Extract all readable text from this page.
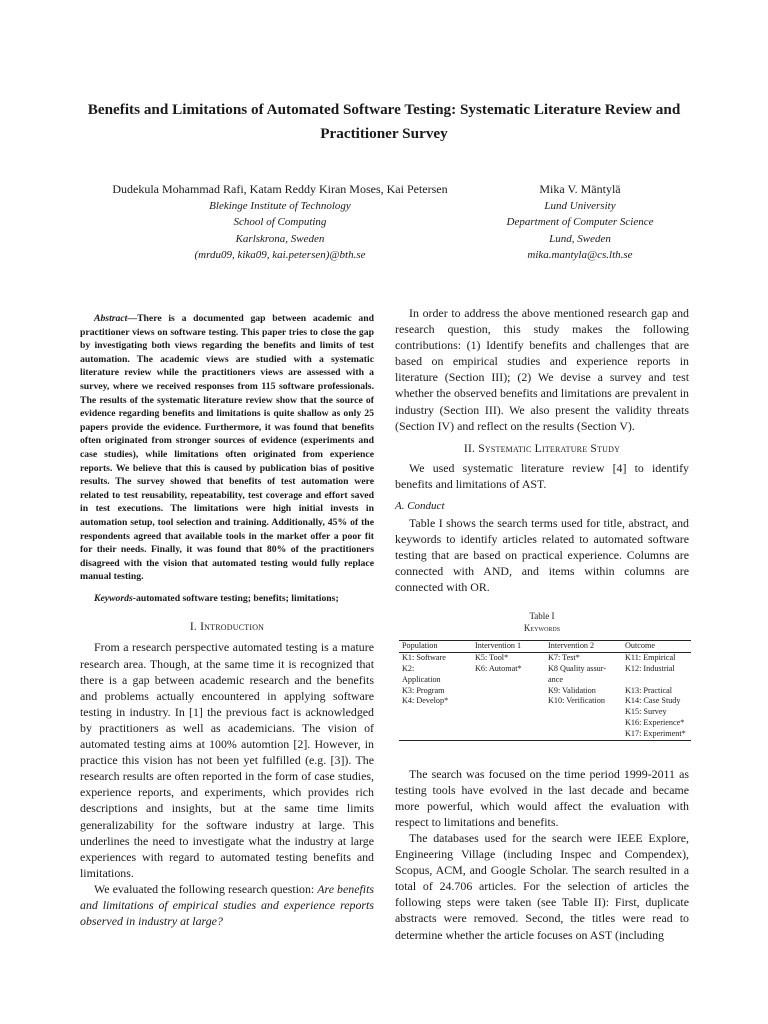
Benefits and Limitations of Automated Software Testing: Systematic Literature Review and Practitioner Survey
Dudekula Mohammad Rafi, Katam Reddy Kiran Moses, Kai Petersen
Blekinge Institute of Technology
School of Computing
Karlskrona, Sweden
(mrdu09, kika09, kai.petersen)@bth.se
Mika V. Mäntylä
Lund University
Department of Computer Science
Lund, Sweden
mika.mantyla@cs.lth.se

Abstract—There is a documented gap between academic and practitioner views on software testing. This paper tries to close the gap by investigating both views regarding the benefits and limits of test automation. The academic views are studied with a systematic literature review while the practitioners views are assessed with a survey, where we received responses from 115 software professionals. The results of the systematic literature review show that the source of evidence regarding benefits and limitations is quite shallow as only 25 papers provide the evidence. Furthermore, it was found that benefits often originated from stronger sources of evidence (experiments and case studies), while limitations often originated from experience reports. We believe that this is caused by publication bias of positive results. The survey showed that benefits of test automation were related to test reusability, repeatability, test coverage and effort saved in test executions. The limitations were high initial invests in automation setup, tool selection and training. Additionally, 45% of the respondents agreed that available tools in the market offer a poor fit for their needs. Finally, it was found that 80% of the practitioners disagreed with the vision that automated testing would fully replace manual testing.

Keywords-automated software testing; benefits; limitations;

I. Introduction

From a research perspective automated testing is a mature research area. Though, at the same time it is recognized that there is a gap between academic research and the benefits and problems actually encountered in applying software testing in industry. In [1] the previous fact is acknowledged by practitioners as well as academicians. The vision of automated testing aims at 100% automtion [2]. However, in practice this vision has not been yet fulfilled (e.g. [3]). The research results are often reported in the form of case studies, experience reports, and experiments, which provides rich descriptions and insights, but at the same time limits generalizability for the software industry at large. This underlines the need to investigate what the industry at large experiences with regard to automated testing benefits and limitations.

We evaluated the following research question: Are benefits and limitations of empirical studies and experience reports observed in industry at large?

In order to address the above mentioned research gap and research question, this study makes the following contributions: (1) Identify benefits and challenges that are based on empirical studies and experience reports in literature (Section III); (2) We devise a survey and test whether the observed benefits and limitations are prevalent in industry (Section III). We also present the validity threats (Section IV) and reflect on the results (Section V).

II. Systematic Literature Study

We used systematic literature review [4] to identify benefits and limitations of AST.

A. Conduct

Table I shows the search terms used for title, abstract, and keywords to identify articles related to automated software testing that are based on practical experience. Columns are connected with AND, and items within columns are connected with OR.

Table I
Keywords
Population	Intervention 1	Intervention 2	Outcome
K1: Software	K5: Tool*	K7: Test*	K11: Empirical
K2:	K6: Automat*	K8 Quality assur-	K12: Industrial
Application		ance	
K3: Program		K9: Validation	K13: Practical
K4: Develop*		K10: Verification	K14: Case Study
			K15: Survey
			K16: Experience*
			K17: Experiment*

The search was focused on the time period 1999-2011 as testing tools have evolved in the last decade and became more powerful, which would affect the evaluation with respect to limitations and benefits.

The databases used for the search were IEEE Explore, Engineering Village (including Inspec and Compendex), Scopus, ACM, and Google Scholar. The search resulted in a total of 24.706 articles. For the selection of articles the following steps were taken (see Table II): First, duplicate abstracts were removed. Second, the titles were read to determine whether the article focuses on AST (including
